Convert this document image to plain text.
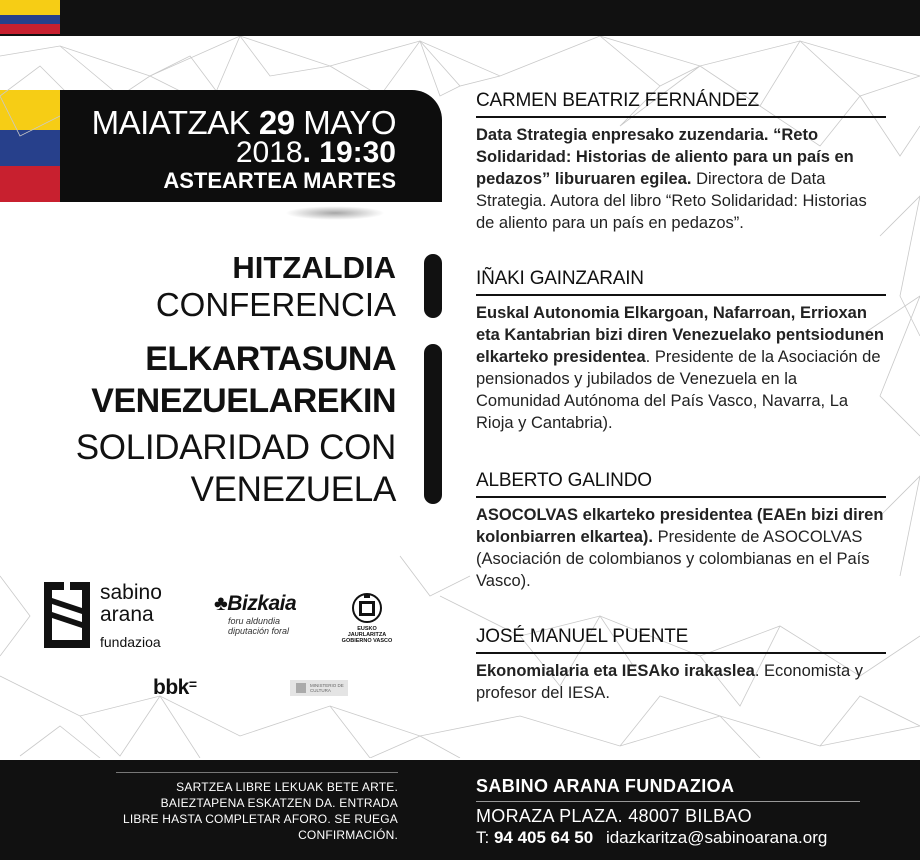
MAIATZAK 29 MAYO
2018. 19:30
ASTEARTEA MARTES
HITZALDIA
CONFERENCIA
ELKARTASUNA
VENEZUELAREKIN
SOLIDARIDAD CON
VENEZUELA
CARMEN BEATRIZ FERNÁNDEZ
Data Strategia enpresako zuzendaria. “Reto Solidaridad: Historias de aliento para un país en pedazos” liburuaren egilea. Directora de Data Strategia. Autora del libro “Reto Solidaridad: Historias de aliento para un país en pedazos”.
IÑAKI GAINZARAIN
Euskal Autonomia Elkargoan, Nafarroan, Errioxan eta Kantabrian bizi diren Venezuelako pentsiodunen elkarteko presidentea. Presidente de la Asociación de pensionados y jubilados de Venezuela en la Comunidad Autónoma del País Vasco, Navarra, La Rioja y Cantabria).
ALBERTO GALINDO
ASOCOLVAS elkarteko presidentea (EAEn bizi diren kolonbiarren elkartea). Presidente de ASOCOLVAS (Asociación de colombianos y colombianas en el País Vasco).
JOSÉ MANUEL PUENTE
Ekonomialaria eta IESAko irakaslea. Economista y profesor del IESA.
sabino
arana
fundazioa
♣Bizkaia
foru aldundia
diputación foral	EUSKO JAURLARITZA
GOBIERNO VASCO
bbk=	MINISTERIO DE CULTURA
SARTZEA LIBRE LEKUAK BETE ARTE.
BAIEZTAPENA ESKATZEN DA. ENTRADA
LIBRE HASTA COMPLETAR AFORO. SE RUEGA
CONFIRMACIÓN.
SABINO ARANA FUNDAZIOA
MORAZA PLAZA. 48007 BILBAO
T: 94 405 64 50 idazkaritza@sabinoarana.org
